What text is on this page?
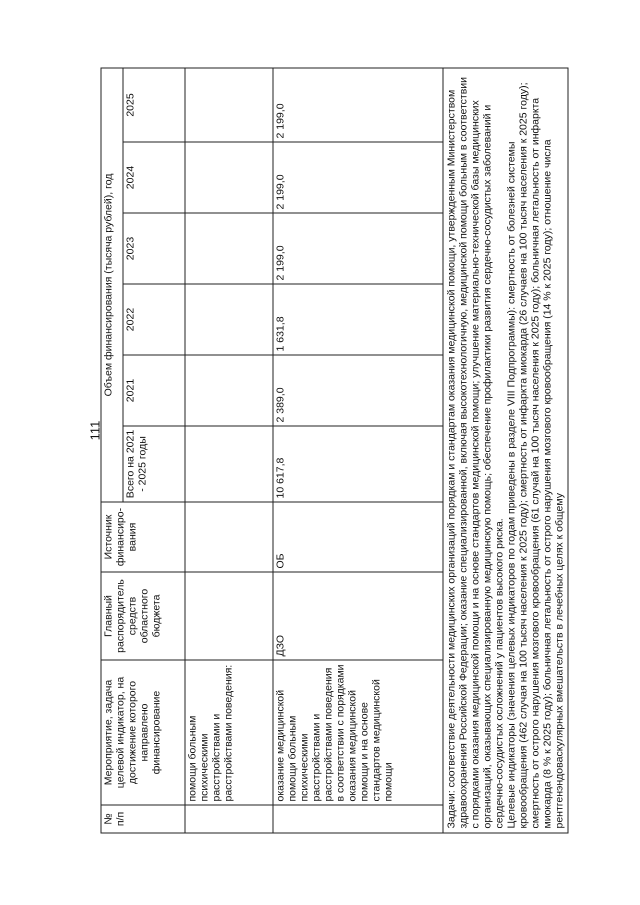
111
№ п/п	Мероприятие, задача целевой индикатор, на достижение которого направлено финансирование	Главный распорядитель средств областного бюджета	Источник финансиро-вания	Объем финансирования (тысяча рублей), год					
				Всего на 2021 - 2025 годы	2021	2022	2023	2024	2025
	помощи больным психическими расстройствами и расстройствами поведения:								
	оказание медицинской помощи больным психическими расстройствами и расстройствами поведения в соответствии с порядками оказания медицинской помощи и на основе стандартов медицинской помощи	ДЗО	ОБ	10 617,8	2 389,0	1 631,8	2 199,0	2 199,0	2 199,0

Задачи: соответствие деятельности медицинских организаций порядкам и стандартам оказания медицинской помощи, утвержденным Министерством здравоохранения Российской Федерации; оказание специализированной, включая высокотехнологичную, медицинской помощи больным в соответствии с порядками оказания медицинской помощи и на основе стандартов медицинской помощи; улучшение материально-технической базы медицинских организаций, оказывающих специализированную медицинскую помощь; обеспечение профилактики развития сердечно-сосудистых заболеваний и сердечно-сосудистых осложнений у пациентов высокого риска. Целевые индикаторы (значения целевых индикаторов по годам приведены в разделе VIII Подпрограммы): смертность от болезней системы кровообращения (462 случая на 100 тысяч населения к 2025 году); смертность от инфаркта миокарда (26 случаев на 100 тысяч населения к 2025 году); смертность от острого нарушения мозгового кровообращения (61 случай на 100 тысяч населения к 2025 году); больничная летальность от инфаркта миокарда (8 % к 2025 году); больничная летальность от острого нарушения мозгового кровообращения (14 % к 2025 году); отношение числа рентгенэндоваскулярных вмешательств в лечебных целях к общему									
